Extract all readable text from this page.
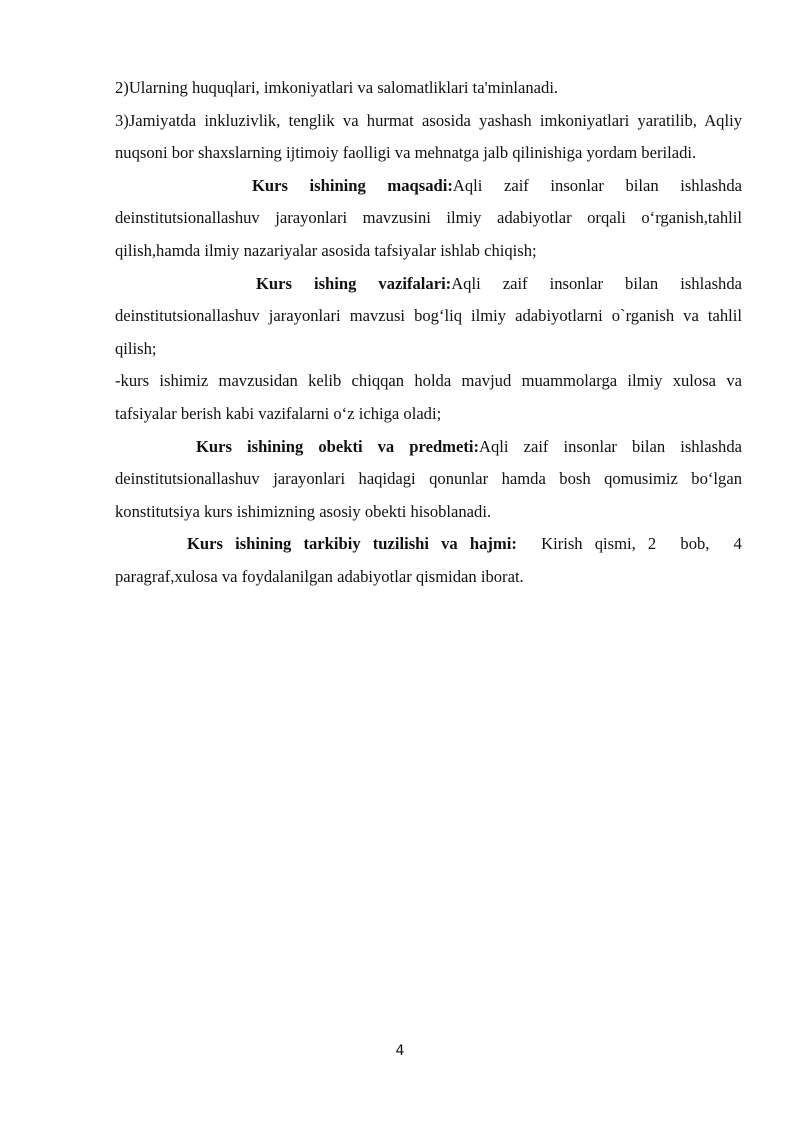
2)Ularning huquqlari, imkoniyatlari va salomatliklari ta'minlanadi.

3)Jamiyatda inkluzivlik, tenglik va hurmat asosida yashash imkoniyatlari yaratilib, Aqliy nuqsoni bor shaxslarning ijtimoiy faolligi va mehnatga jalb qilinishiga yordam beriladi.

Kurs ishining maqsadi:Aqli zaif insonlar bilan ishlashda deinstitutsionallashuv jarayonlari mavzusini ilmiy adabiyotlar orqali o‘rganish,tahlil qilish,hamda ilmiy nazariyalar asosida tafsiyalar ishlab chiqish;

Kurs ishing vazifalari:Aqli zaif insonlar bilan ishlashda deinstitutsionallashuv jarayonlari mavzusi bog‘liq ilmiy adabiyotlarni o`rganish va tahlil qilish;

-kurs ishimiz mavzusidan kelib chiqqan holda mavjud muammolarga ilmiy xulosa va tafsiyalar berish kabi vazifalarni o‘z ichiga oladi;

Kurs ishining obekti va predmeti:Aqli zaif insonlar bilan ishlashda deinstitutsionallashuv jarayonlari haqidagi qonunlar hamda bosh qomusimiz bo‘lgan konstitutsiya kurs ishimizning asosiy obekti hisoblanadi.

Kurs ishining tarkibiy tuzilishi va hajmi:  Kirish qismi, 2  bob,  4 paragraf,xulosa va foydalanilgan adabiyotlar qismidan iborat.

4
